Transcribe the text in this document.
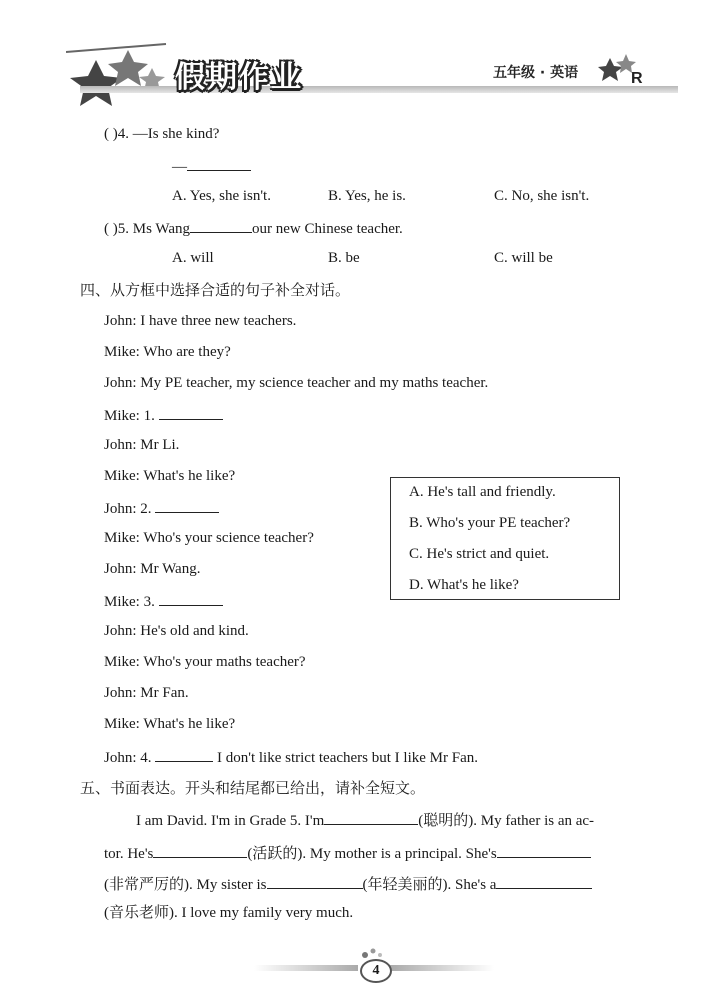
假期作业	五年级 · 英语	R
( )4. —Is she kind?
—
A. Yes, she isn't.	B. Yes, he is.	C. No, she isn't.
( )5. Ms Wang	our new Chinese teacher.
A. will	B. be	C. will be
四、从方框中选择合适的句子补全对话。
John: I have three new teachers.
Mike: Who are they?
John: My PE teacher, my science teacher and my maths teacher.
Mike: 1.
John: Mr Li.
Mike: What's he like?
John: 2.
Mike: Who's your science teacher?
John: Mr Wang.
Mike: 3.
John: He's old and kind.
Mike: Who's your maths teacher?
John: Mr Fan.
Mike: What's he like?
John: 4.	I don't like strict teachers but I like Mr Fan.
A. He's tall and friendly.
B. Who's your PE teacher?
C. He's strict and quiet.
D. What's he like?
五、书面表达。开头和结尾都已给出，请补全短文。
I am David. I'm in Grade 5. I'm	(聪明的). My father is an ac-
tor. He's	(活跃的). My mother is a principal. She's
(非常严厉的). My sister is	(年轻美丽的). She's a
(音乐老师). I love my family very much.
4
